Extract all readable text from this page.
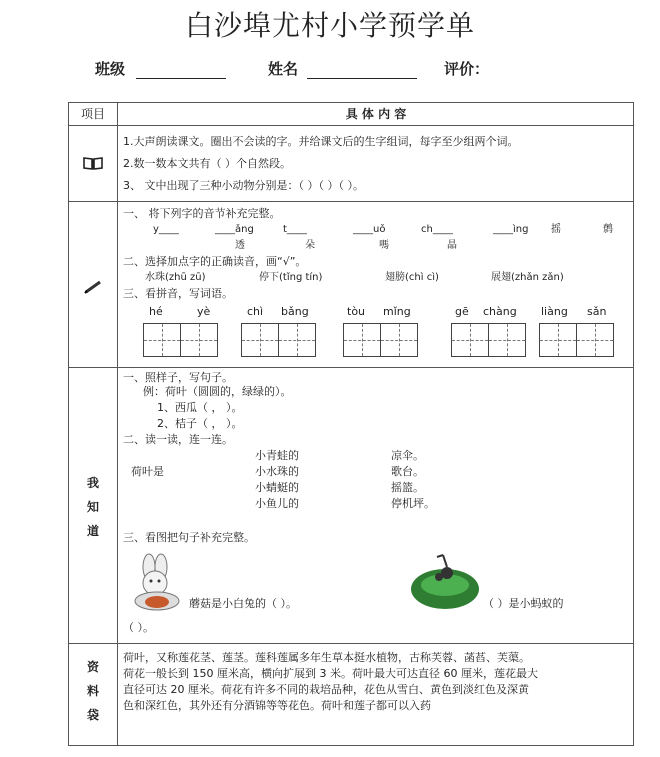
白沙埠尤村小学预学单
班级	姓名	评价：
项目	具 体 内 容
1.大声朗读课文。圈出不会读的字。并给课文后的生字组词，每字至少组两个词。
2.数一数本文共有（ ）个自然段。
3、 文中出现了三种小动物分别是：（ ）（ ）（ ）。
一、 将下列字的音节补充完整。
y____	____ǎng	t____	____uǒ	ch____	____ìng 摇	鹩
透	朵	嗎	晶
二、选择加点字的正确读音，画“√”。
水珠(zhū zū)	停下(tǐng tín)	翅膀(chì cì)	展翅(zhǎn zǎn)
三、看拼音，写词语。
hé	yè	chì bǎng	tòu mǐng	gē chàng liàng sǎn
我
知
道
一、照样子，写句子。
例：荷叶（圆圆的，绿绿的）。
1、西瓜（ ， ）。
2、桔子（ ， ）。
二、读一读，连一连。
荷叶是
小青蛙的
小水珠的
小蜻蜓的
小鱼儿的
凉伞。
歌台。
摇篮。
停机坪。
三、看图把句子补充完整。
蘑菇是小白兔的（ ）。	（ ）是小蚂蚁的
（ ）。
资
料
袋
荷叶，又称莲花茎、莲茎。莲科莲属多年生草本挺水植物，古称芙蓉、菡萏、芙蕖。
荷花一般长到 150 厘米高，横向扩展到 3 米。荷叶最大可达直径 60 厘米，莲花最大
直径可达 20 厘米。荷花有许多不同的栽培品种，花色从雪白、黄色到淡红色及深黄
色和深红色，其外还有分酒锦等等花色。荷叶和莲子都可以入药
